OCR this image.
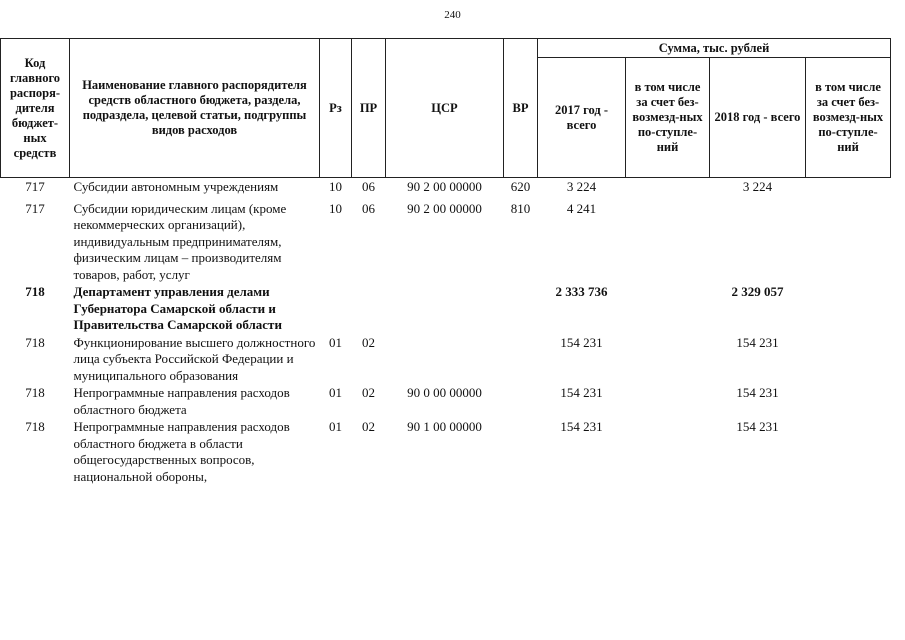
240
Код главного распоря-дителя бюджет-ных средств	Наименование главного распорядителя средств областного бюджета, раздела, подраздела, целевой статьи, подгруппы видов расходов	Рз	ПР	ЦСР	ВР	Сумма, тыс. рублей			
						2017 год - всего	в том числе за счет без-возмезд-ных по-ступле-ний	2018 год - всего	в том числе за счет без-возмезд-ных по-ступле-ний
717	Субсидии автономным учреждениям	10	06	90 2 00 00000	620	3 224		3 224	

717	Субсидии юридическим лицам (кроме некоммерческих организаций), индивидуальным предпринимателям, физическим лицам – производителям товаров, работ, услуг	10	06	90 2 00 00000	810	4 241			
718	Департамент управления делами Губернатора Самарской области и Правительства Самарской области					2 333 736		2 329 057	
718	Функционирование высшего должностного лица субъекта Российской Федерации и муниципального образования	01	02			154 231		154 231	
718	Непрограммные направления расходов областного бюджета	01	02	90 0 00 00000		154 231		154 231	
718	Непрограммные направления расходов областного бюджета в области общегосударственных вопросов, национальной обороны,	01	02	90 1 00 00000		154 231		154 231	
